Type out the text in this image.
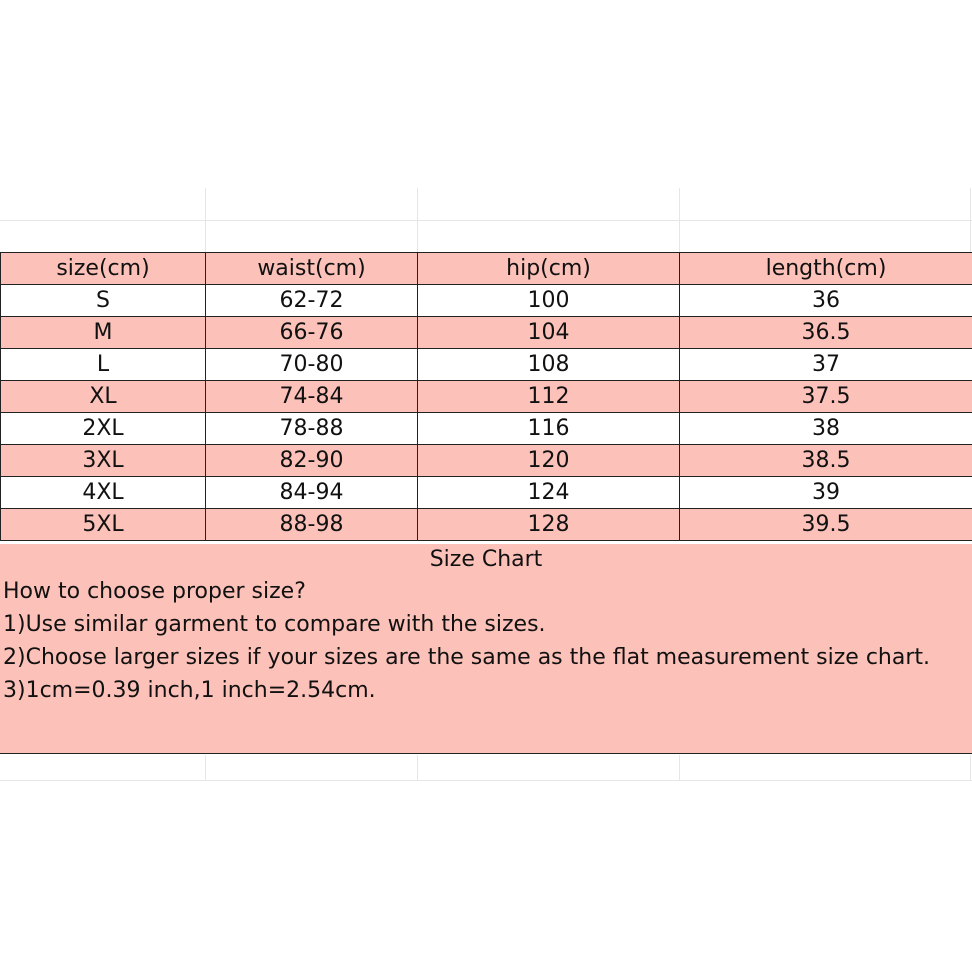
size(cm)	waist(cm)	hip(cm)	length(cm)
S	62-72	100	36
M	66-76	104	36.5
L	70-80	108	37
XL	74-84	112	37.5
2XL	78-88	116	38
3XL	82-90	120	38.5
4XL	84-94	124	39
5XL	88-98	128	39.5
Size Chart
How to choose proper size?
1)Use similar garment to compare with the sizes.
2)Choose larger sizes if your sizes are the same as the flat measurement size chart.
3)1cm=0.39 inch,1 inch=2.54cm.
